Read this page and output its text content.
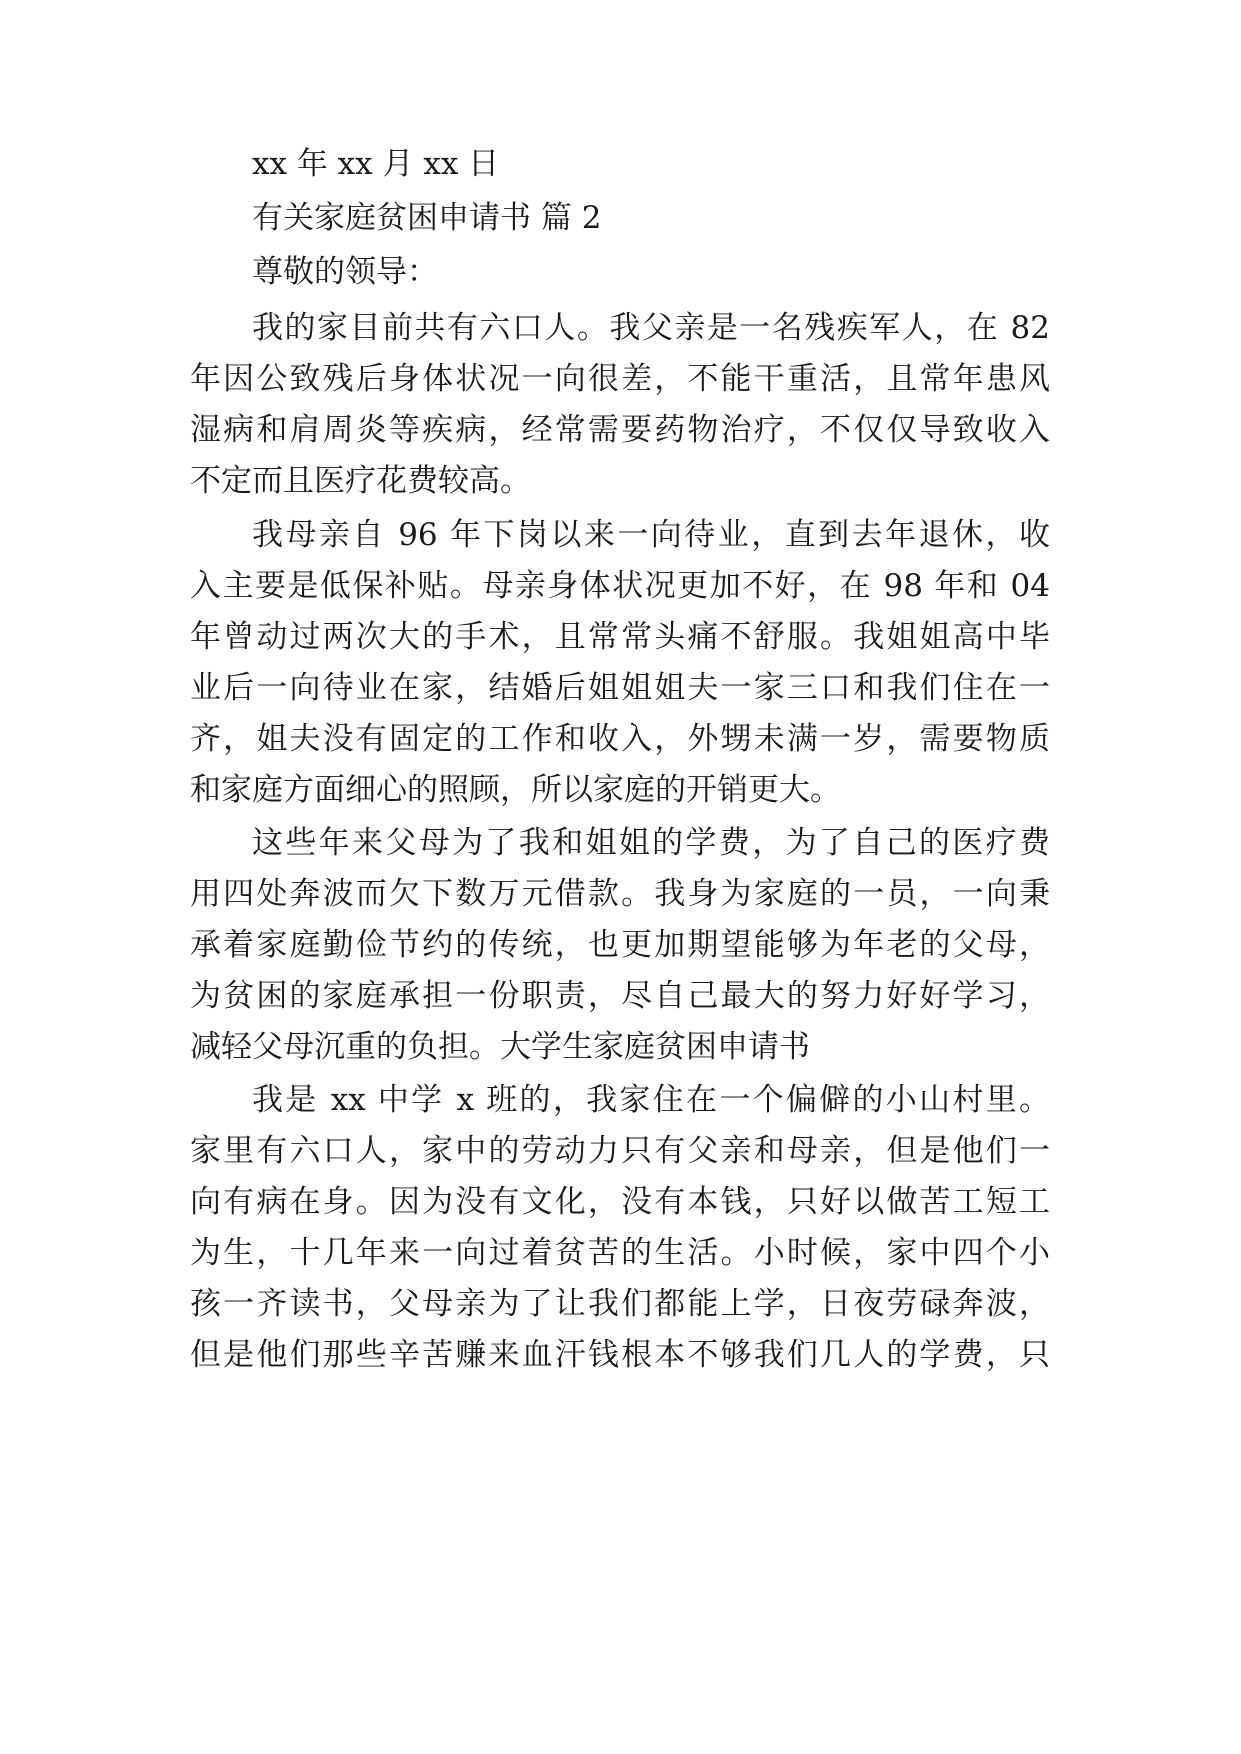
xx 年 xx 月 xx 日
有关家庭贫困申请书 篇 2
尊敬的领导：
我的家目前共有六口人。我父亲是一名残疾军人，在 82
年因公致残后身体状况一向很差，不能干重活，且常年患风
湿病和肩周炎等疾病，经常需要药物治疗，不仅仅导致收入
不定而且医疗花费较高。
我母亲自 96 年下岗以来一向待业，直到去年退休，收
入主要是低保补贴。母亲身体状况更加不好，在 98 年和 04
年曾动过两次大的手术，且常常头痛不舒服。我姐姐高中毕
业后一向待业在家，结婚后姐姐姐夫一家三口和我们住在一
齐，姐夫没有固定的工作和收入，外甥未满一岁，需要物质
和家庭方面细心的照顾，所以家庭的开销更大。
这些年来父母为了我和姐姐的学费，为了自己的医疗费
用四处奔波而欠下数万元借款。我身为家庭的一员，一向秉
承着家庭勤俭节约的传统，也更加期望能够为年老的父母，
为贫困的家庭承担一份职责，尽自己最大的努力好好学习，
减轻父母沉重的负担。大学生家庭贫困申请书
我是 xx 中学 x 班的，我家住在一个偏僻的小山村里。
家里有六口人，家中的劳动力只有父亲和母亲，但是他们一
向有病在身。因为没有文化，没有本钱，只好以做苦工短工
为生，十几年来一向过着贫苦的生活。小时候，家中四个小
孩一齐读书，父母亲为了让我们都能上学，日夜劳碌奔波，
但是他们那些辛苦赚来血汗钱根本不够我们几人的学费，只
